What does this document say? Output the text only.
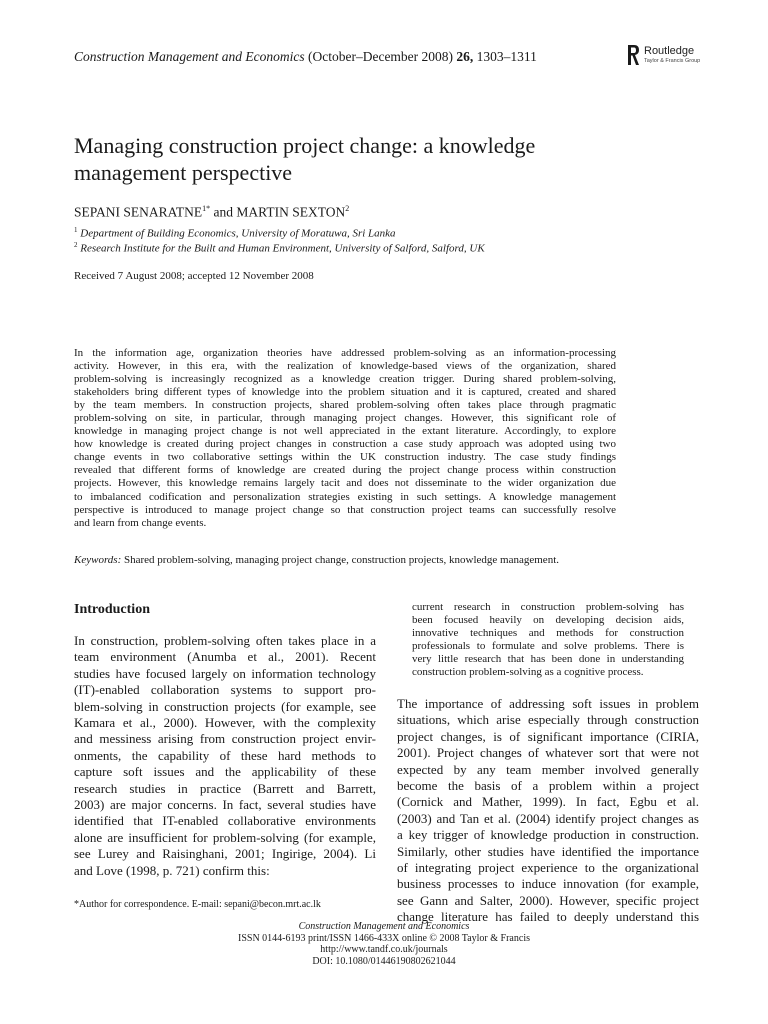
Construction Management and Economics (October–December 2008) 26, 1303–1311	Routledge
Taylor & Francis Group
Managing construction project change: a knowledge
management perspective
SEPANI $SENARATNE^{1*}$ and MARTIN SEXTON$^2$
$^1$ Department of Building Economics, University of Moratuwa, Sri Lanka
$^2$ Research Institute for the Built and Human Environment, University of Salford, Salford, UK
Received 7 August 2008; accepted 12 November 2008
In the information age, organization theories have addressed problem-solving as an information-processing
activity. However, in this era, with the realization of knowledge-based views of the organization, shared
problem-solving is increasingly recognized as a knowledge creation trigger. During shared problem-solving,
stakeholders bring different types of knowledge into the problem situation and it is captured, created and shared
by the team members. In construction projects, shared problem-solving often takes place through pragmatic
problem-solving on site, in particular, through managing project changes. However, this significant role of
knowledge in managing project change is not well appreciated in the extant literature. Accordingly, to explore
how knowledge is created during project changes in construction a case study approach was adopted using two
change events in two collaborative settings within the UK construction industry. The case study findings
revealed that different forms of knowledge are created during the project change process within construction
projects. However, this knowledge remains largely tacit and does not disseminate to the wider organization due
to imbalanced codification and personalization strategies existing in such settings. A knowledge management
perspective is introduced to manage project change so that construction project teams can successfully resolve
and learn from change events.
Keywords: Shared problem-solving, managing project change, construction projects, knowledge management.
Introduction
In construction, problem-solving often takes place in a
team environment (Anumba et al., 2001). Recent
studies have focused largely on information technology
(IT)-enabled collaboration systems to support pro-
blem-solving in construction projects (for example, see
Kamara et al., 2000). However, with the complexity
and messiness arising from construction project envir-
onments, the capability of these hard methods to
capture soft issues and the applicability of these
research studies in practice (Barrett and Barrett,
2003) are major concerns. In fact, several studies have
identified that IT-enabled collaborative environments
alone are insufficient for problem-solving (for example,
see Lurey and Raisinghani, 2001; Ingirige, 2004). Li
and Love (1998, p. 721) confirm this:
current research in construction problem-solving has
been focused heavily on developing decision aids,
innovative techniques and methods for construction
professionals to formulate and solve problems. There is
very little research that has been done in understanding
construction problem-solving as a cognitive process.
The importance of addressing soft issues in problem
situations, which arise especially through construction
project changes, is of significant importance (CIRIA,
2001). Project changes of whatever sort that were not
expected by any team member involved generally
become the basis of a problem within a project
(Cornick and Mather, 1999). In fact, Egbu et al.
(2003) and Tan et al. (2004) identify project changes as
a key trigger of knowledge production in construction.
Similarly, other studies have identified the importance
of integrating project experience to the organizational
business processes to induce innovation (for example,
see Gann and Salter, 2000). However, specific project
change literature has failed to deeply understand this
*Author for correspondence. E-mail: sepani@becon.mrt.ac.lk
Construction Management and Economics
ISSN 0144-6193 print/ISSN 1466-433X online © 2008 Taylor & Francis
http://www.tandf.co.uk/journals
DOI: 10.1080/01446190802621044
